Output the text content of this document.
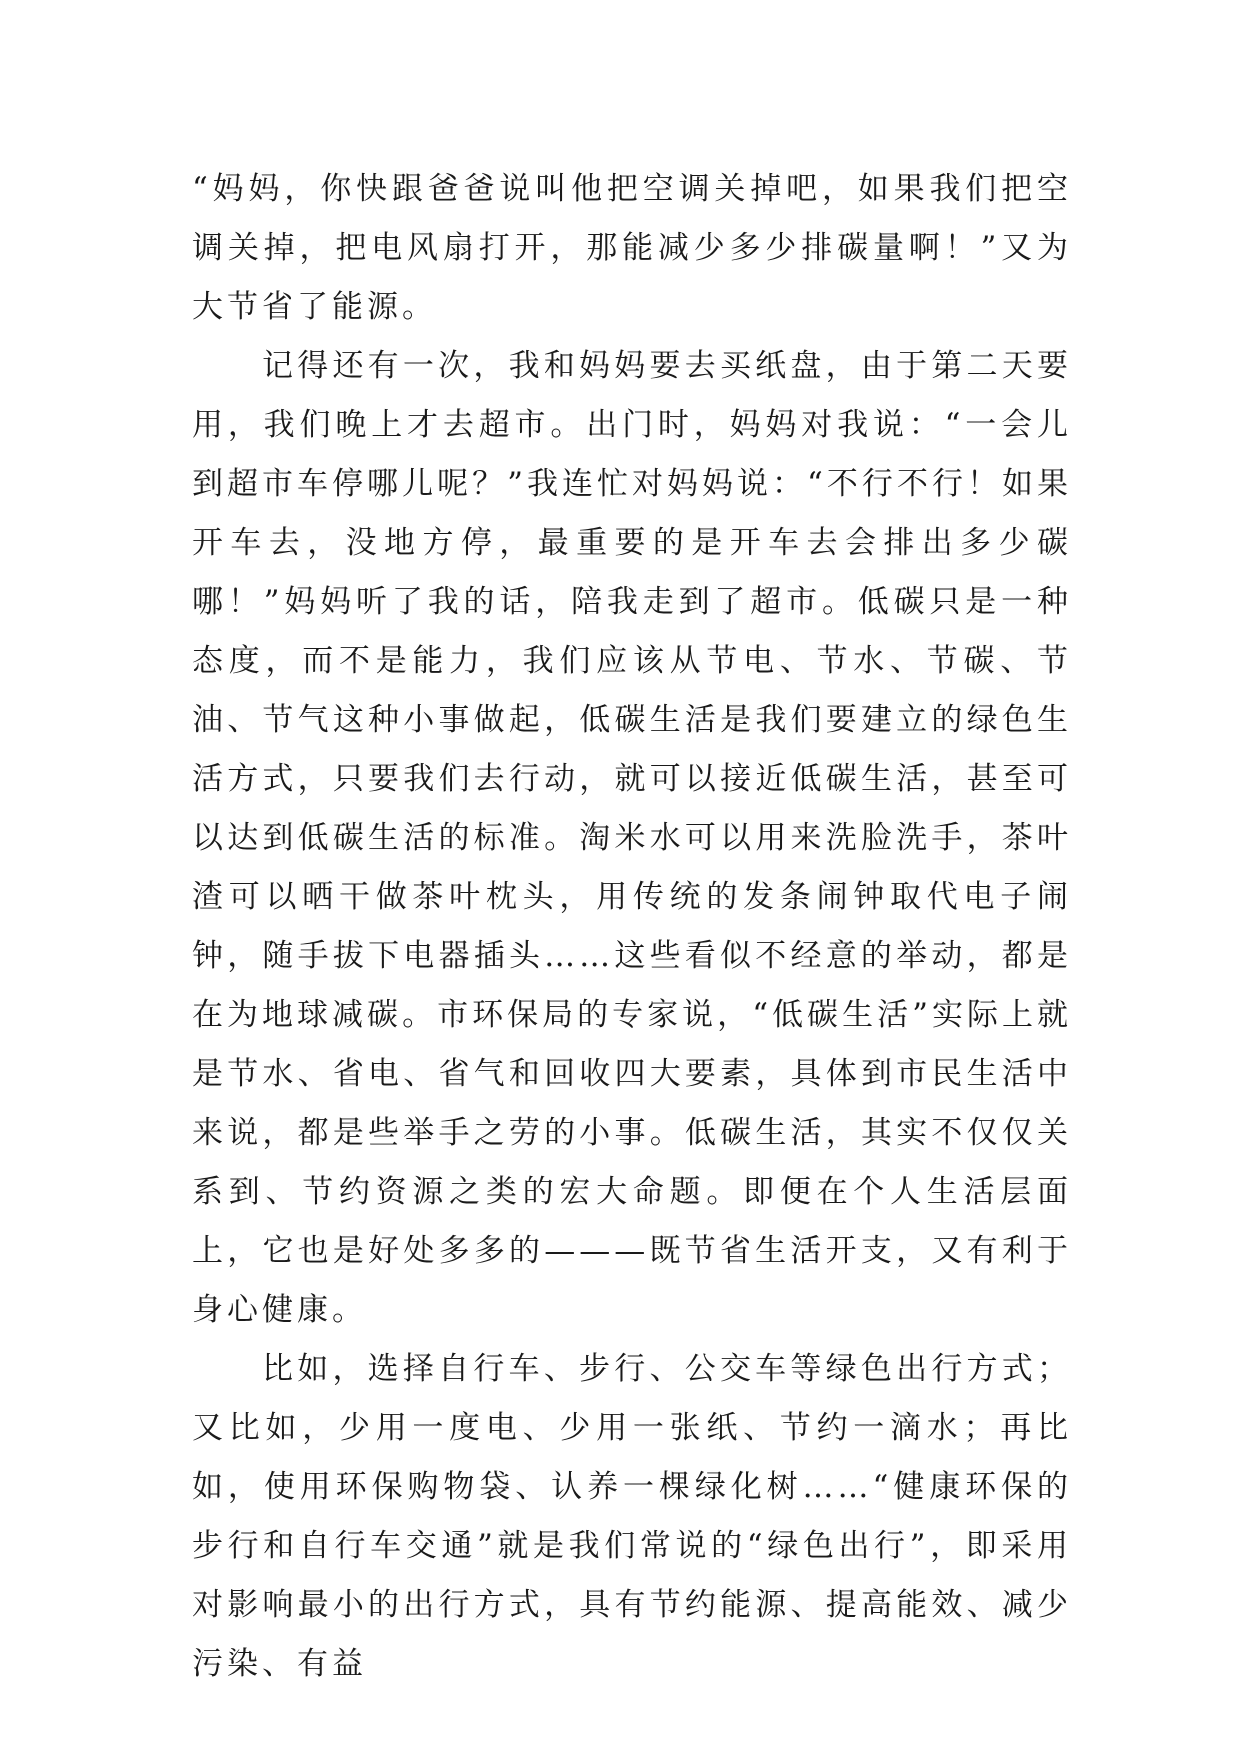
“妈妈，你快跟爸爸说叫他把空调关掉吧，如果我们把空调关掉，把电风扇打开，那能减少多少排碳量啊！”又为大节省了能源。

记得还有一次，我和妈妈要去买纸盘，由于第二天要用，我们晚上才去超市。出门时，妈妈对我说：“一会儿到超市车停哪儿呢？”我连忙对妈妈说：“不行不行！如果开车去，没地方停，最重要的是开车去会排出多少碳哪！”妈妈听了我的话，陪我走到了超市。低碳只是一种态度，而不是能力，我们应该从节电、节水、节碳、节油、节气这种小事做起，低碳生活是我们要建立的绿色生活方式，只要我们去行动，就可以接近低碳生活，甚至可以达到低碳生活的标准。淘米水可以用来洗脸洗手，茶叶渣可以晒干做茶叶枕头，用传统的发条闹钟取代电子闹钟，随手拔下电器插头……这些看似不经意的举动，都是在为地球减碳。市环保局的专家说，“低碳生活”实际上就是节水、省电、省气和回收四大要素，具体到市民生活中来说，都是些举手之劳的小事。低碳生活，其实不仅仅关系到、节约资源之类的宏大命题。即便在个人生活层面上，它也是好处多多的———既节省生活开支，又有利于身心健康。

比如，选择自行车、步行、公交车等绿色出行方式；又比如，少用一度电、少用一张纸、节约一滴水；再比如，使用环保购物袋、认养一棵绿化树……“健康环保的步行和自行车交通”就是我们常说的“绿色出行”，即采用对影响最小的出行方式，具有节约能源、提高能效、减少污染、有益
